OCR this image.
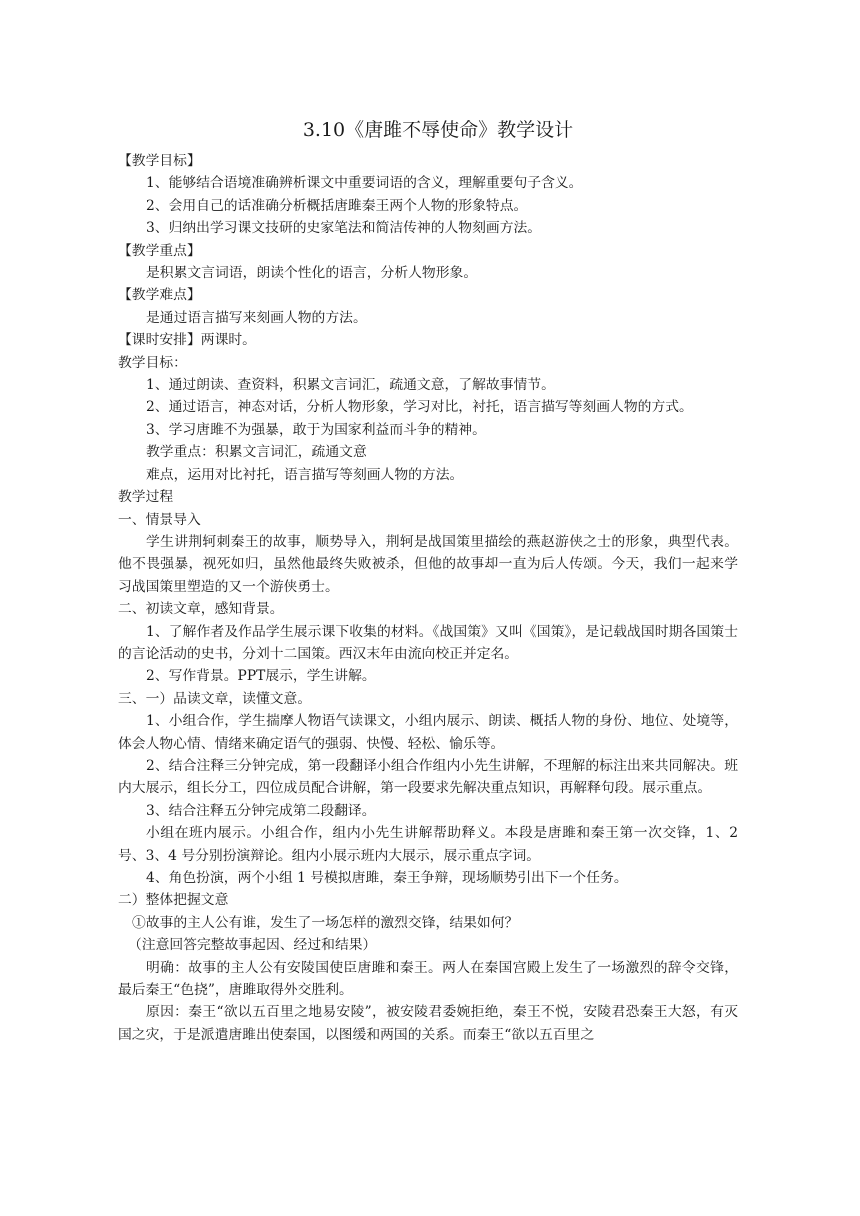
3.10《唐雎不辱使命》教学设计

【教学目标】

1、能够结合语境准确辨析课文中重要词语的含义，理解重要句子含义。

2、会用自己的话准确分析概括唐雎秦王两个人物的形象特点。

3、归纳出学习课文技研的史家笔法和简洁传神的人物刻画方法。

【教学重点】

是积累文言词语，朗读个性化的语言，分析人物形象。

【教学难点】

是通过语言描写来刻画人物的方法。

【课时安排】两课时。

教学目标：

1、通过朗读、查资料，积累文言词汇，疏通文意，了解故事情节。

2、通过语言，神态对话，分析人物形象，学习对比，衬托，语言描写等刻画人物的方式。

3、学习唐雎不为强暴，敢于为国家利益而斗争的精神。

教学重点：积累文言词汇，疏通文意

难点，运用对比衬托，语言描写等刻画人物的方法。

教学过程

一、情景导入

学生讲荆轲刺秦王的故事，顺势导入，荆轲是战国策里描绘的燕赵游侠之士的形象，典型代表。他不畏强暴，视死如归，虽然他最终失败被杀，但他的故事却一直为后人传颂。今天，我们一起来学习战国策里塑造的又一个游侠勇士。

二、初读文章，感知背景。

1、了解作者及作品学生展示课下收集的材料。《战国策》又叫《国策》，是记载战国时期各国策士的言论活动的史书，分刘十二国策。西汉末年由流向校正并定名。

2、写作背景。PPT展示，学生讲解。

三、一）品读文章，读懂文意。

1、小组合作，学生揣摩人物语气读课文，小组内展示、朗读、概括人物的身份、地位、处境等，体会人物心情、情绪来确定语气的强弱、快慢、轻松、愉乐等。

2、结合注释三分钟完成，第一段翻译小组合作组内小先生讲解，不理解的标注出来共同解决。班内大展示，组长分工，四位成员配合讲解，第一段要求先解决重点知识，再解释句段。展示重点。

3、结合注释五分钟完成第二段翻译。

小组在班内展示。小组合作，组内小先生讲解帮助释义。本段是唐雎和秦王第一次交锋，1、2 号、3、4 号分别扮演辩论。组内小展示班内大展示，展示重点字词。

4、角色扮演，两个小组 1 号模拟唐雎，秦王争辩，现场顺势引出下一个任务。

二）整体把握文意

①故事的主人公有谁，发生了一场怎样的激烈交锋，结果如何？

（注意回答完整故事起因、经过和结果）

明确：故事的主人公有安陵国使臣唐雎和秦王。两人在秦国宫殿上发生了一场激烈的辞令交锋，最后秦王“色挠”，唐雎取得外交胜利。

原因：秦王“欲以五百里之地易安陵”，被安陵君委婉拒绝，秦王不悦，安陵君恐秦王大怒，有灭国之灾，于是派遣唐雎出使秦国，以图缓和两国的关系。而秦王“欲以五百里之
